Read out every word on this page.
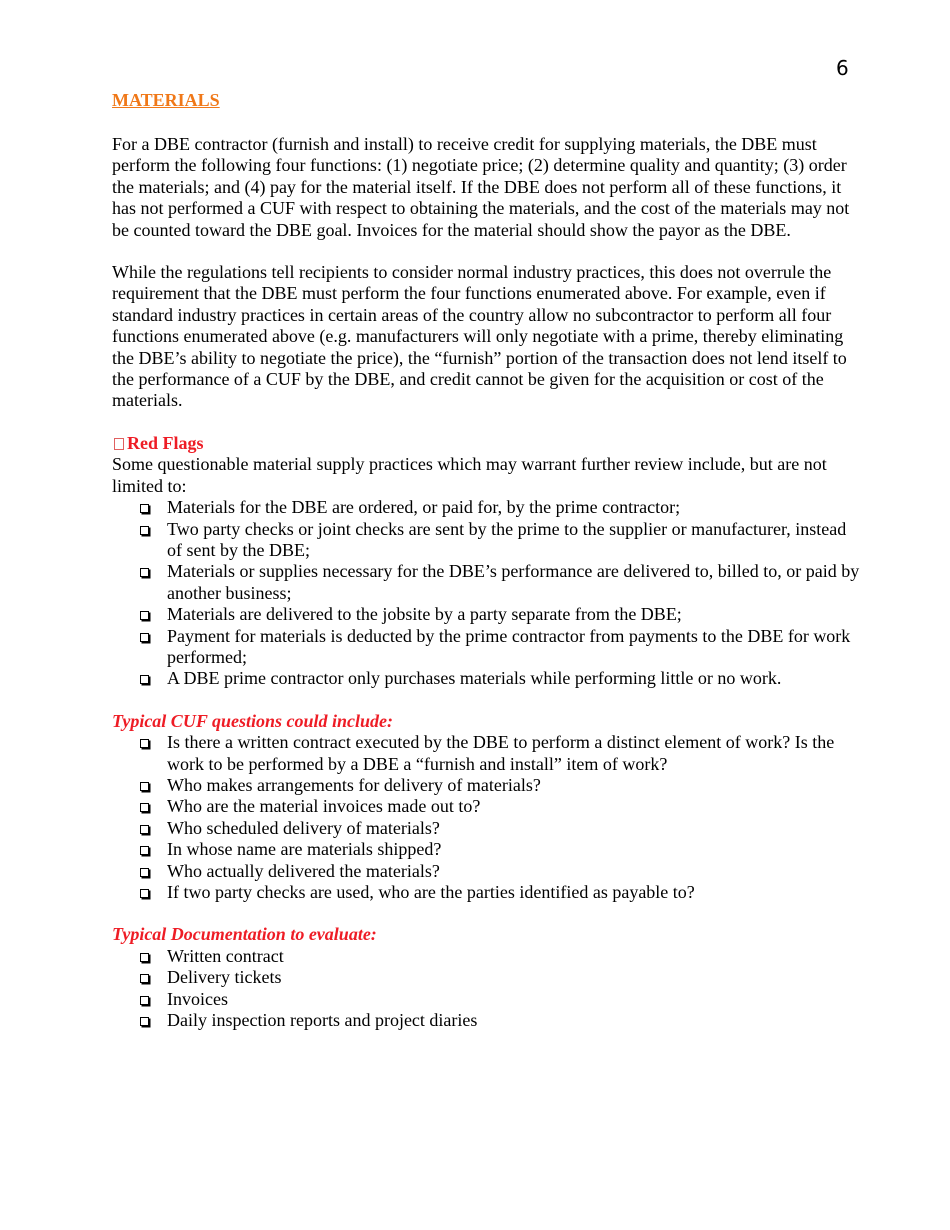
6
MATERIALS

For a DBE contractor (furnish and install) to receive credit for supplying materials, the DBE must perform the following four functions: (1) negotiate price; (2) determine quality and quantity; (3) order the materials; and (4) pay for the material itself. If the DBE does not perform all of these functions, it has not performed a CUF with respect to obtaining the materials, and the cost of the materials may not be counted toward the DBE goal. Invoices for the material should show the payor as the DBE.

While the regulations tell recipients to consider normal industry practices, this does not overrule the requirement that the DBE must perform the four functions enumerated above. For example, even if standard industry practices in certain areas of the country allow no subcontractor to perform all four functions enumerated above (e.g. manufacturers will only negotiate with a prime, thereby eliminating the DBE’s ability to negotiate the price), the “furnish” portion of the transaction does not lend itself to the performance of a CUF by the DBE, and credit cannot be given for the acquisition or cost of the materials.

Red Flags

Some questionable material supply practices which may warrant further review include, but are not limited to:

Materials for the DBE are ordered, or paid for, by the prime contractor;
Two party checks or joint checks are sent by the prime to the supplier or manufacturer, instead of sent by the DBE;
Materials or supplies necessary for the DBE’s performance are delivered to, billed to, or paid by another business;
Materials are delivered to the jobsite by a party separate from the DBE;
Payment for materials is deducted by the prime contractor from payments to the DBE for work performed;
A DBE prime contractor only purchases materials while performing little or no work.

Typical CUF questions could include:

Is there a written contract executed by the DBE to perform a distinct element of work? Is the work to be performed by a DBE a “furnish and install” item of work?
Who makes arrangements for delivery of materials?
Who are the material invoices made out to?
Who scheduled delivery of materials?
In whose name are materials shipped?
Who actually delivered the materials?
If two party checks are used, who are the parties identified as payable to?

Typical Documentation to evaluate:

Written contract
Delivery tickets
Invoices
Daily inspection reports and project diaries
